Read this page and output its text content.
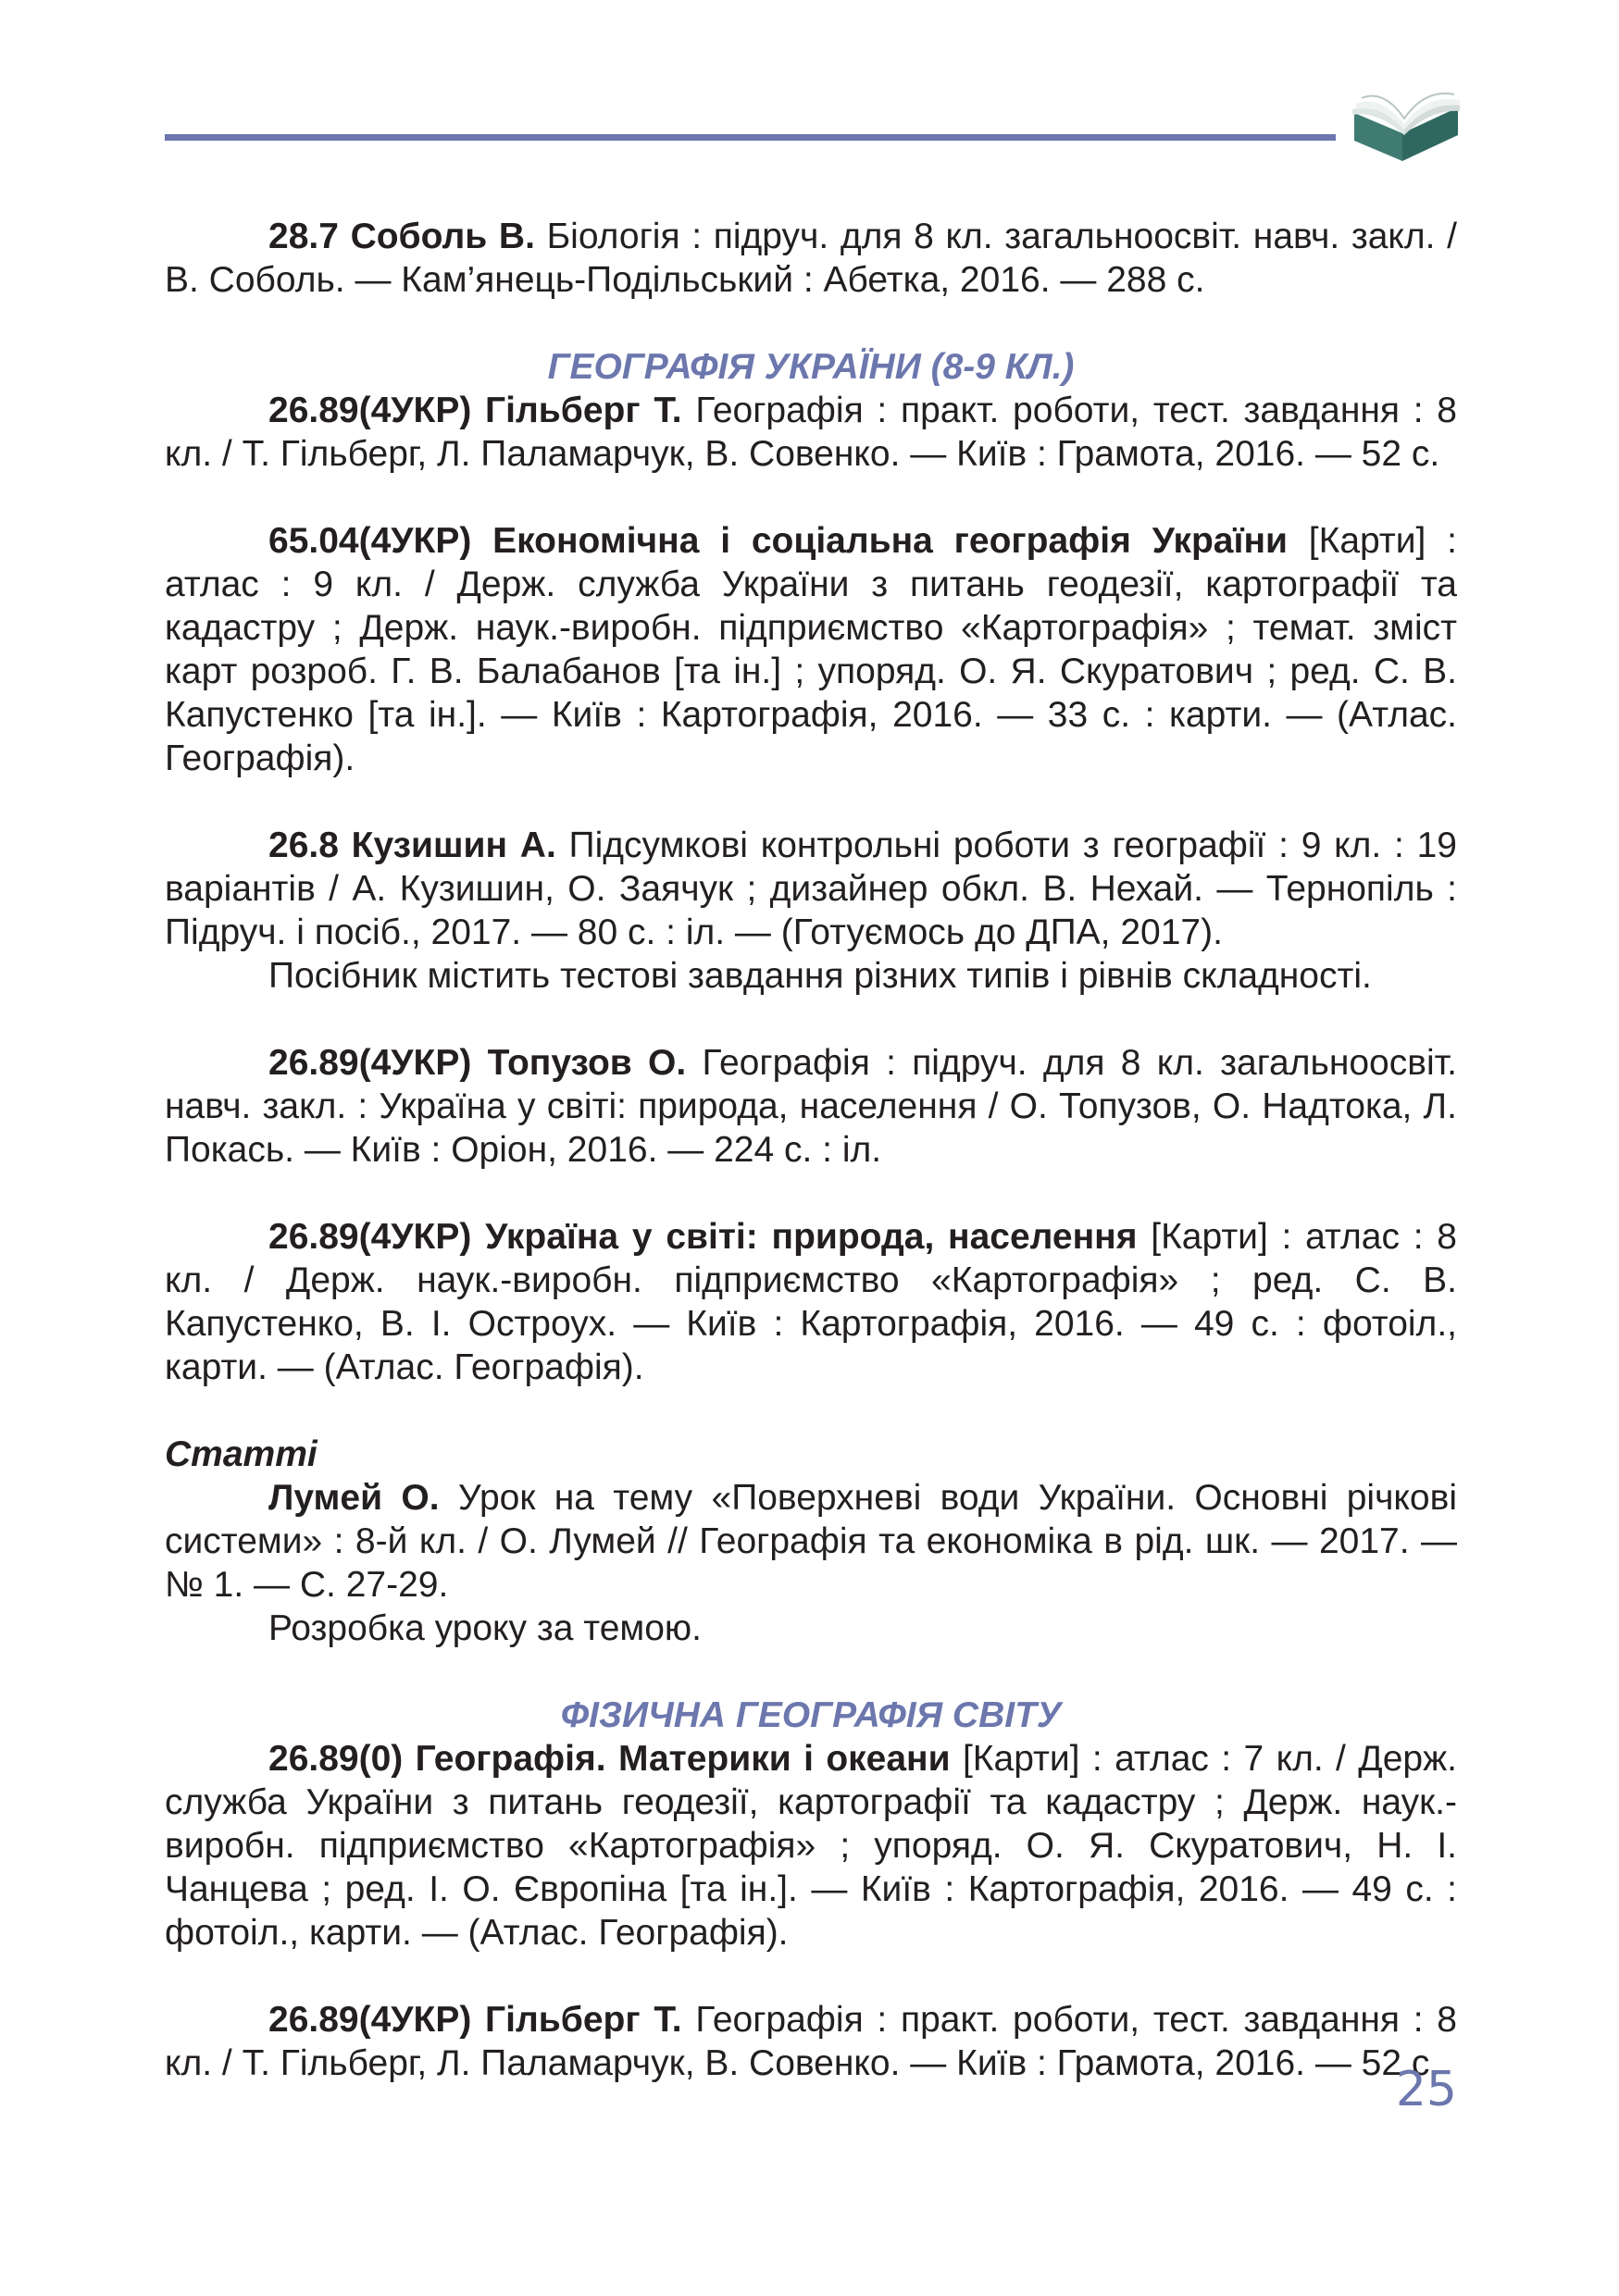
28.7 Соболь В. Біологія : підруч. для 8 кл. загальноосвіт. навч. закл. / В. Соболь. — Кам’янець-Подільський : Абетка, 2016. — 288 с.

ГЕОГРАФІЯ УКРАЇНИ (8-9 КЛ.)

26.89(4УКР) Гільберг Т. Географія : практ. роботи, тест. завдання : 8 кл. / Т. Гільберг, Л. Паламарчук, В. Совенко. — Київ : Грамота, 2016. — 52 с.

65.04(4УКР) Економічна і соціальна географія України [Карти] : атлас : 9 кл. / Держ. служба України з питань геодезії, картографії та кадастру ; Держ. наук.-виробн. підприємство «Картографія» ; темат. зміст карт розроб. Г. В. Балабанов [та ін.] ; упоряд. О. Я. Скуратович ; ред. С. В. Капустенко [та ін.]. — Київ : Картографія, 2016. — 33 с. : карти. — (Атлас. Географія).

26.8 Кузишин А. Підсумкові контрольні роботи з географії : 9 кл. : 19 варіантів / А. Кузишин, О. Заячук ; дизайнер обкл. В. Нехай. — Тернопіль : Підруч. і посіб., 2017. — 80 с. : іл. — (Готуємось до ДПА, 2017).

Посібник містить тестові завдання різних типів і рівнів складності.

26.89(4УКР) Топузов О. Географія : підруч. для 8 кл. загальноосвіт. навч. закл. : Україна у світі: природа, населення / О. Топузов, О. Надтока, Л. Покась. — Київ : Оріон, 2016. — 224 с. : іл.

26.89(4УКР) Україна у світі: природа, населення [Карти] : атлас : 8 кл. / Держ. наук.-виробн. підприємство «Картографія» ; ред. С. В. Капустенко, В. І. Остроух. — Київ : Картографія, 2016. — 49 с. : фотоіл., карти. — (Атлас. Географія).

Статті

Лумей О. Урок на тему «Поверхневі води України. Основні річкові системи» : 8-й кл. / О. Лумей // Географія та економіка в рід. шк. — 2017. — № 1. — С. 27-29.

Розробка уроку за темою.

ФІЗИЧНА ГЕОГРАФІЯ СВІТУ

26.89(0) Географія. Материки і океани [Карти] : атлас : 7 кл. / Держ. служба України з питань геодезії, картографії та кадастру ; Держ. наук.-виробн. підприємство «Картографія» ; упоряд. О. Я. Скуратович, Н. І. Чанцева ; ред. І. О. Європіна [та ін.]. — Київ : Картографія, 2016. — 49 с. : фотоіл., карти. — (Атлас. Географія).

26.89(4УКР) Гільберг Т. Географія : практ. роботи, тест. завдання : 8 кл. / Т. Гільберг, Л. Паламарчук, В. Совенко. — Київ : Грамота, 2016. — 52 с.

25
